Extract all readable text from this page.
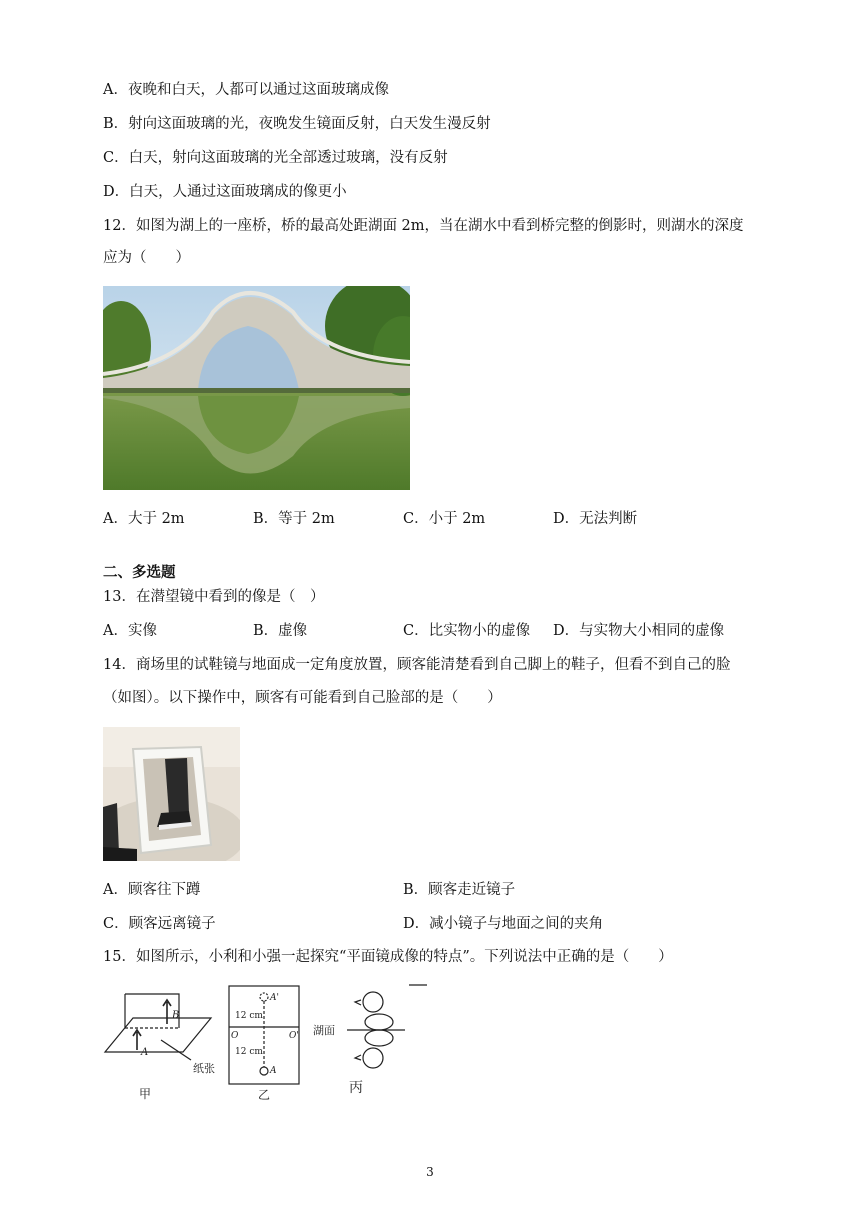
A．夜晚和白天，人都可以通过这面玻璃成像
B．射向这面玻璃的光，夜晚发生镜面反射，白天发生漫反射
C．白天，射向这面玻璃的光全部透过玻璃，没有反射
D．白天，人通过这面玻璃成的像更小
12．如图为湖上的一座桥，桥的最高处距湖面 2m，当在湖水中看到桥完整的倒影时，则湖水的深度
应为（　　）
A．大于 2m	B．等于 2m	C．小于 2m	D．无法判断
二、多选题
13．在潜望镜中看到的像是（　）
A．实像	B．虚像	C．比实物小的虚像 D．与实物大小相同的虚像
14．商场里的试鞋镜与地面成一定角度放置，顾客能清楚看到自己脚上的鞋子，但看不到自己的脸
（如图）。以下操作中，顾客有可能看到自己脸部的是（　　）
A．顾客往下蹲	B．顾客走近镜子
C．顾客远离镜子	D．减小镜子与地面之间的夹角
15．如图所示，小利和小强一起探究“平面镜成像的特点”。下列说法中正确的是（　　）
B
A
纸张
甲
A'
A
O	O'
12 cm
12 cm
乙
湖面
丙
3
